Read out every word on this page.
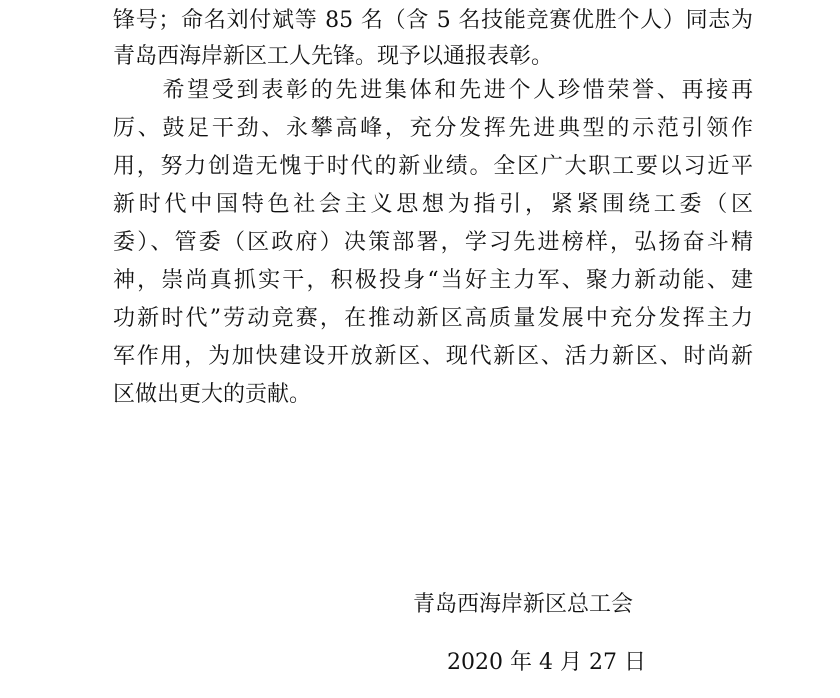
锋号；命名刘付斌等 85 名（含 5 名技能竞赛优胜个人）同志为
青岛西海岸新区工人先锋。现予以通报表彰。
　　希望受到表彰的先进集体和先进个人珍惜荣誉、再接再
厉、鼓足干劲、永攀高峰，充分发挥先进典型的示范引领作
用，努力创造无愧于时代的新业绩。全区广大职工要以习近平
新时代中国特色社会主义思想为指引，紧紧围绕工委（区
委）、管委（区政府）决策部署，学习先进榜样，弘扬奋斗精
神，崇尚真抓实干，积极投身“当好主力军、聚力新动能、建
功新时代”劳动竞赛，在推动新区高质量发展中充分发挥主力
军作用，为加快建设开放新区、现代新区、活力新区、时尚新
区做出更大的贡献。
青岛西海岸新区总工会
2020 年 4 月 27 日
